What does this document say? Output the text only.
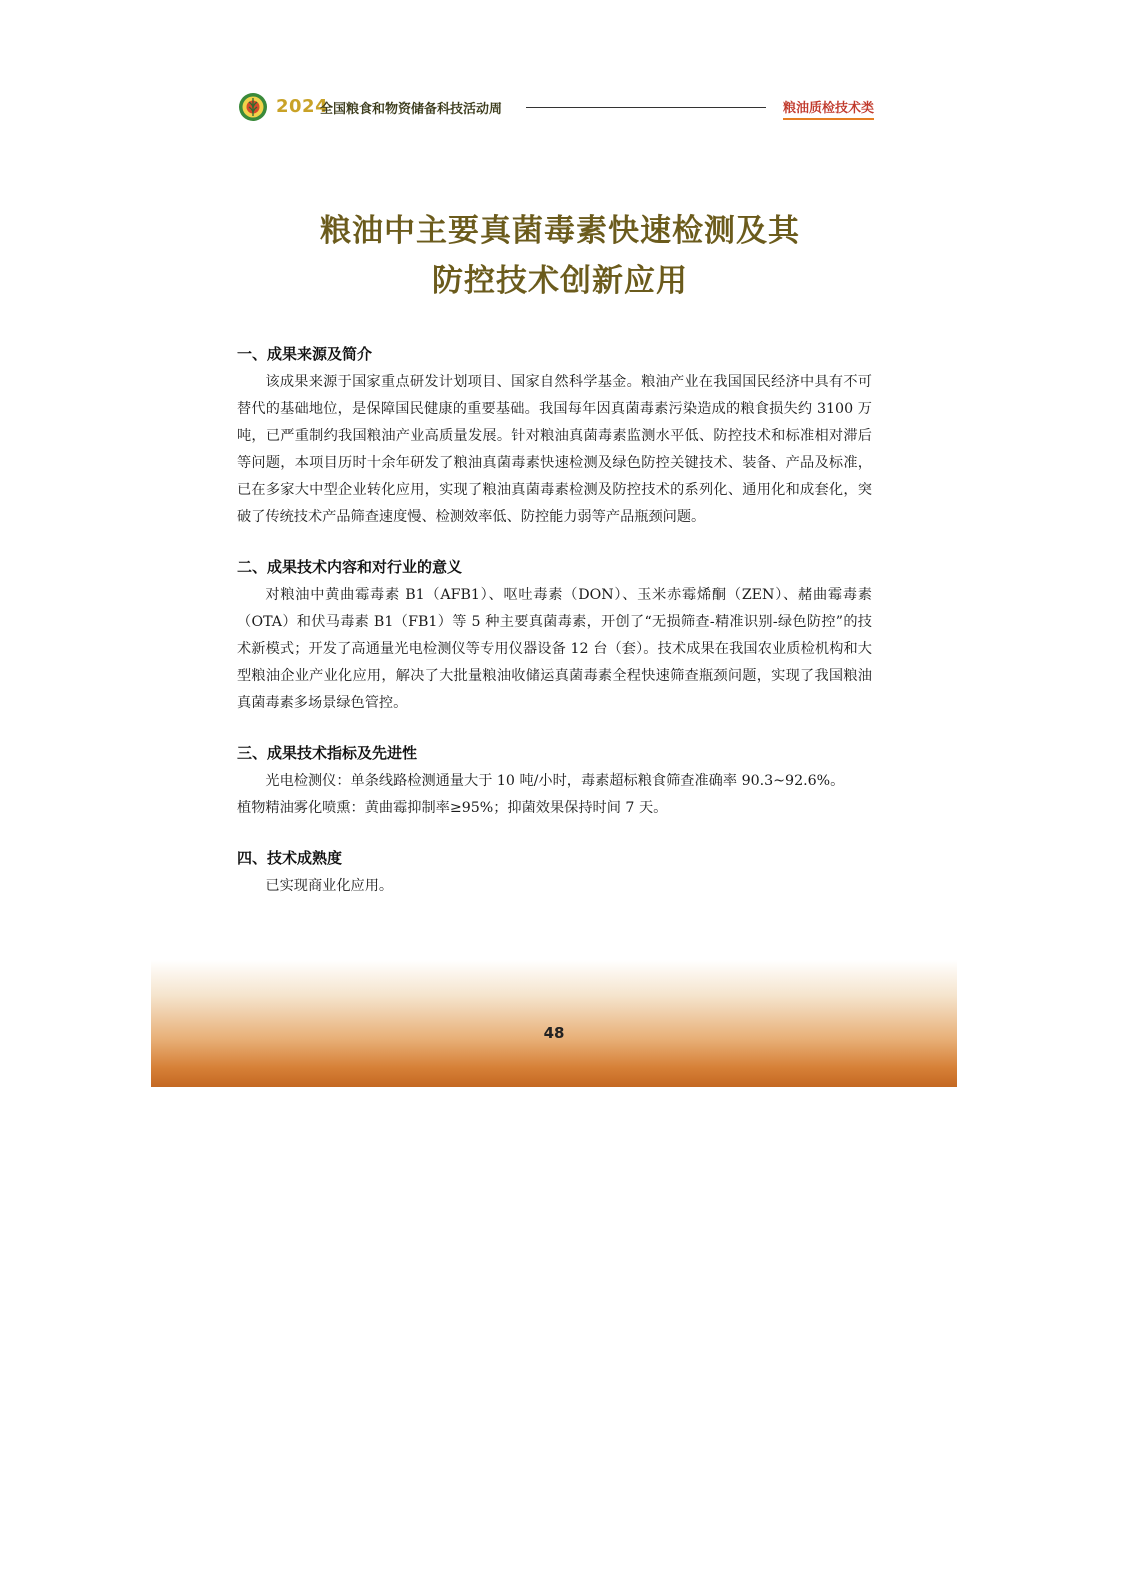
2024
全国粮食和物资储备科技活动周	粮油质检技术类
粮油中主要真菌毒素快速检测及其
防控技术创新应用
一、成果来源及简介

该成果来源于国家重点研发计划项目、国家自然科学基金。粮油产业在我国国民经济中具有不可替代的基础地位，是保障国民健康的重要基础。我国每年因真菌毒素污染造成的粮食损失约 3100 万吨，已严重制约我国粮油产业高质量发展。针对粮油真菌毒素监测水平低、防控技术和标准相对滞后等问题，本项目历时十余年研发了粮油真菌毒素快速检测及绿色防控关键技术、装备、产品及标准，已在多家大中型企业转化应用，实现了粮油真菌毒素检测及防控技术的系列化、通用化和成套化，突破了传统技术产品筛查速度慢、检测效率低、防控能力弱等产品瓶颈问题。

二、成果技术内容和对行业的意义

对粮油中黄曲霉毒素 B1（AFB1）、呕吐毒素（DON）、玉米赤霉烯酮（ZEN）、赭曲霉毒素（OTA）和伏马毒素 B1（FB1）等 5 种主要真菌毒素，开创了“无损筛查-精准识别-绿色防控”的技术新模式；开发了高通量光电检测仪等专用仪器设备 12 台（套）。技术成果在我国农业质检机构和大型粮油企业产业化应用，解决了大批量粮油收储运真菌毒素全程快速筛查瓶颈问题，实现了我国粮油真菌毒素多场景绿色管控。

三、成果技术指标及先进性

光电检测仪：单条线路检测通量大于 10 吨/小时，毒素超标粮食筛查准确率 90.3~92.6%。

植物精油雾化喷熏：黄曲霉抑制率≥95%；抑菌效果保持时间 7 天。

四、技术成熟度

已实现商业化应用。

48
